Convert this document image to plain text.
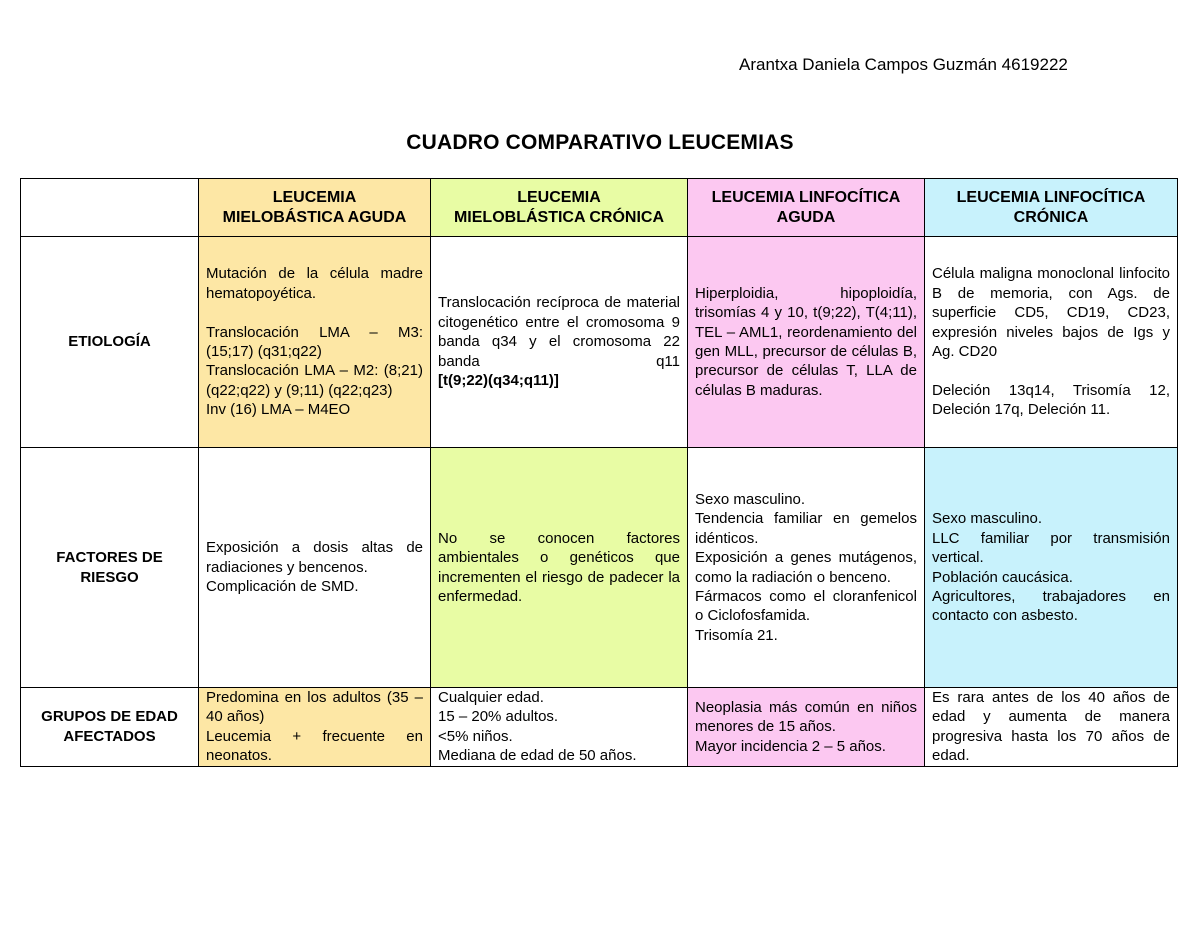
Arantxa Daniela Campos Guzmán 4619222
CUADRO COMPARATIVO LEUCEMIAS

	LEUCEMIA
MIELOBÁSTICA AGUDA	LEUCEMIA
MIELOBLÁSTICA CRÓNICA	LEUCEMIA LINFOCÍTICA
AGUDA	LEUCEMIA LINFOCÍTICA
CRÓNICA

ETIOLOGÍA	Mutación de la célula madre hematopoyética.
Translocación LMA – M3: (15;17) (q31;q22)
Translocación LMA – M2: (8;21) (q22;q22) y (9;11) (q22;q23)
Inv (16) LMA – M4EO	Translocación recíproca de material citogenético entre el cromosoma 9 banda q34 y el cromosoma 22 banda q11
[t(9;22)(q34;q11)]	Hiperploidia, hipoploidía, trisomías 4 y 10, t(9;22), T(4;11), TEL – AML1, reordenamiento del gen MLL, precursor de células B, precursor de células T, LLA de células B maduras.	Célula maligna monoclonal linfocito B de memoria, con Ags. de superficie CD5, CD19, CD23, expresión niveles bajos de Igs y Ag. CD20
Deleción 13q14, Trisomía 12, Deleción 17q, Deleción 11.

FACTORES DE RIESGO	Exposición a dosis altas de radiaciones y bencenos.
Complicación de SMD.	No se conocen factores ambientales o genéticos que incrementen el riesgo de padecer la enfermedad.	Sexo masculino.
Tendencia familiar en gemelos idénticos.
Exposición a genes mutágenos, como la radiación o benceno.
Fármacos como el cloranfenicol o Ciclofosfamida.
Trisomía 21.	Sexo masculino.
LLC familiar por transmisión vertical.
Población caucásica.
Agricultores, trabajadores en contacto con asbesto.

GRUPOS DE EDAD AFECTADOS	Predomina en los adultos (35 – 40 años)
Leucemia + frecuente en neonatos.	Cualquier edad.
15 – 20% adultos.
<5% niños.
Mediana de edad de 50 años.	Neoplasia más común en niños menores de 15 años.
Mayor incidencia 2 – 5 años.	Es rara antes de los 40 años de edad y aumenta de manera progresiva hasta los 70 años de edad.
